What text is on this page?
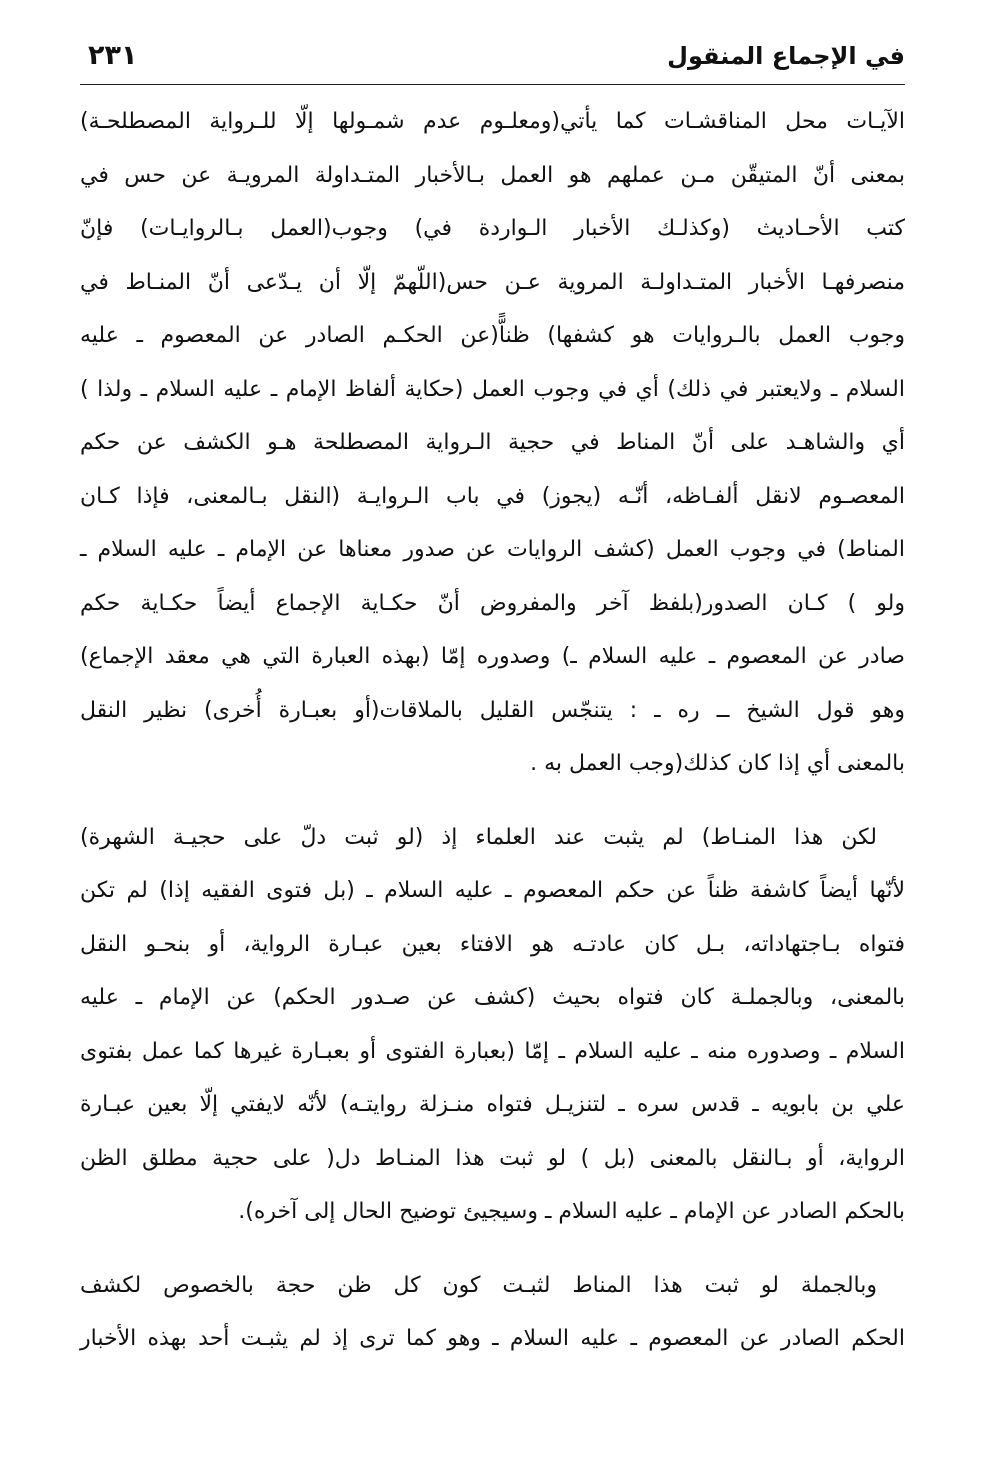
في الإجماع المنقول
٢٣١
الآيـات محل المناقشـات كما يأتي(ومعلـوم عدم شمـولها إلّا للـرواية المصطلحـة)
بمعنى أنّ المتيقّن مـن عملهم هو العمل بـالأخبار المتـداولة المرويـة عن حس في
كتب الأحـاديث (وكذلـك الأخبار الـواردة في) وجوب(العمل بـالروايـات) فإنّ
منصرفهـا الأخبار المتـداولـة المروية عـن حس(اللّهمّ إلّا أن يـدّعى أنّ المنـاط في
وجوب العمل بالـروايات هو كشفها) ظناًّ(عن الحكـم الصادر عن المعصوم ـ عليه
السلام ـ ولايعتبر في ذلك) أي في وجوب العمل (حكاية ألفاظ الإمام ـ عليه السلام ـ ولذا )
أي والشاهـد على أنّ المناط في حجية الـرواية المصطلحة هـو الكشف عن حكم
المعصـوم لانقل ألفـاظه، أنّـه (يجوز) في باب الـروايـة (النقل بـالمعنى، فإذا كـان
المناط) في وجوب العمل (كشف الروايات عن صدور معناها عن الإمام ـ عليه السلام ـ
ولو ) كـان الصدور(بلفظ آخر والمفروض أنّ حكـاية الإجماع أيضاً حكـاية حكم
صادر عن المعصوم ـ عليه السلام ـ) وصدوره إمّا (بهذه العبارة التي هي معقد الإجماع)
وهو قول الشيخ ــ ره ـ : يتنجّس القليل بالملاقات(أو بعبـارة أُخرى) نظير النقل
بالمعنى أي إذا كان كذلك(وجب العمل به .
لكن هذا المنـاط) لم يثبت عند العلماء إذ (لو ثبت دلّ على حجيـة الشهرة)
لأنّها أيضاً كاشفة ظناً عن حكم المعصوم ـ عليه السلام ـ (بل فتوى الفقيه إذا) لم تكن
فتواه بـاجتهاداته، بـل كان عادتـه هو الافتاء بعين عبـارة الرواية، أو بنحـو النقل
بالمعنى، وبالجملـة كان فتواه بحيث (كشف عن صـدور الحكم) عن الإمام ـ عليه
السلام ـ وصدوره منه ـ عليه السلام ـ إمّا (بعبارة الفتوى أو بعبـارة غيرها كما عمل بفتوى
علي بن بابويه ـ قدس سره ـ لتنزيـل فتواه منـزلة روايتـه) لأنّه لايفتي إلّا بعين عبـارة
الرواية، أو بـالنقل بالمعنى (بل ) لو ثبت هذا المنـاط دل( على حجية مطلق الظن
بالحكم الصادر عن الإمام ـ عليه السلام ـ وسيجيئ توضيح الحال إلى آخره).
وبالجملة لو ثبت هذا المناط لثبـت كون كل ظن حجة بالخصوص لكشف
الحكم الصادر عن المعصوم ـ عليه السلام ـ وهو كما ترى إذ لم يثبـت أحد بهذه الأخبار
